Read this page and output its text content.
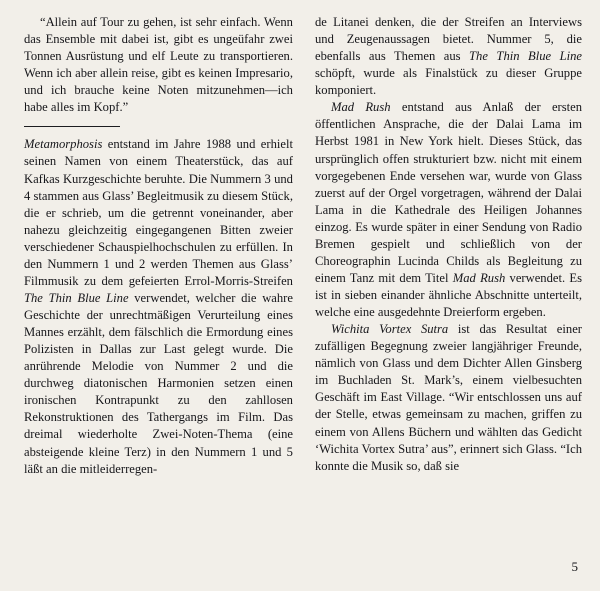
“Allein auf Tour zu gehen, ist sehr einfach. Wenn das Ensemble mit dabei ist, gibt es ungeüfahr zwei Tonnen Ausrüstung und elf Leute zu transportieren. Wenn ich aber allein reise, gibt es keinen Impresario, und ich brauche keine Noten mitzunehmen—ich habe alles im Kopf.”

Metamorphosis entstand im Jahre 1988 und erhielt seinen Namen von einem Theaterstück, das auf Kafkas Kurzgeschichte beruhte. Die Nummern 3 und 4 stammen aus Glass’ Begleitmusik zu diesem Stück, die er schrieb, um die getrennt voneinander, aber nahezu gleichzeitig eingegangenen Bitten zweier verschiedener Schauspielhochschulen zu erfüllen. In den Nummern 1 und 2 werden Themen aus Glass’ Filmmusik zu dem gefeierten Errol-Morris-Streifen The Thin Blue Line verwendet, welcher die wahre Geschichte der unrechtmäßigen Verurteilung eines Mannes erzählt, dem fälschlich die Ermordung eines Polizisten in Dallas zur Last gelegt wurde. Die anrührende Melodie von Nummer 2 und die durchweg diatonischen Harmonien setzen einen ironischen Kontrapunkt zu den zahllosen Rekonstruktionen des Tathergangs im Film. Das dreimal wiederholte Zwei-Noten-Thema (eine absteigende kleine Terz) in den Nummern 1 und 5 läßt an die mitleiderregen-

de Litanei denken, die der Streifen an Interviews und Zeugenaussagen bietet. Nummer 5, die ebenfalls aus Themen aus The Thin Blue Line schöpft, wurde als Finalstück zu dieser Gruppe komponiert.

Mad Rush entstand aus Anlaß der ersten öffentlichen Ansprache, die der Dalai Lama im Herbst 1981 in New York hielt. Dieses Stück, das ursprünglich offen strukturiert bzw. nicht mit einem vorgegebenen Ende versehen war, wurde von Glass zuerst auf der Orgel vorgetragen, während der Dalai Lama in die Kathedrale des Heiligen Johannes einzog. Es wurde später in einer Sendung von Radio Bremen gespielt und schließlich von der Choreographin Lucinda Childs als Begleitung zu einem Tanz mit dem Titel Mad Rush verwendet. Es ist in sieben einander ähnliche Abschnitte unterteilt, welche eine ausgedehnte Dreierform ergeben.

Wichita Vortex Sutra ist das Resultat einer zufälligen Begegnung zweier langjähriger Freunde, nämlich von Glass und dem Dichter Allen Ginsberg im Buchladen St. Mark’s, einem vielbesuchten Geschäft im East Village. “Wir entschlossen uns auf der Stelle, etwas gemeinsam zu machen, griffen zu einem von Allens Büchern und wählten das Gedicht ‘Wichita Vortex Sutra’ aus”, erinnert sich Glass. “Ich konnte die Musik so, daß sie

5
